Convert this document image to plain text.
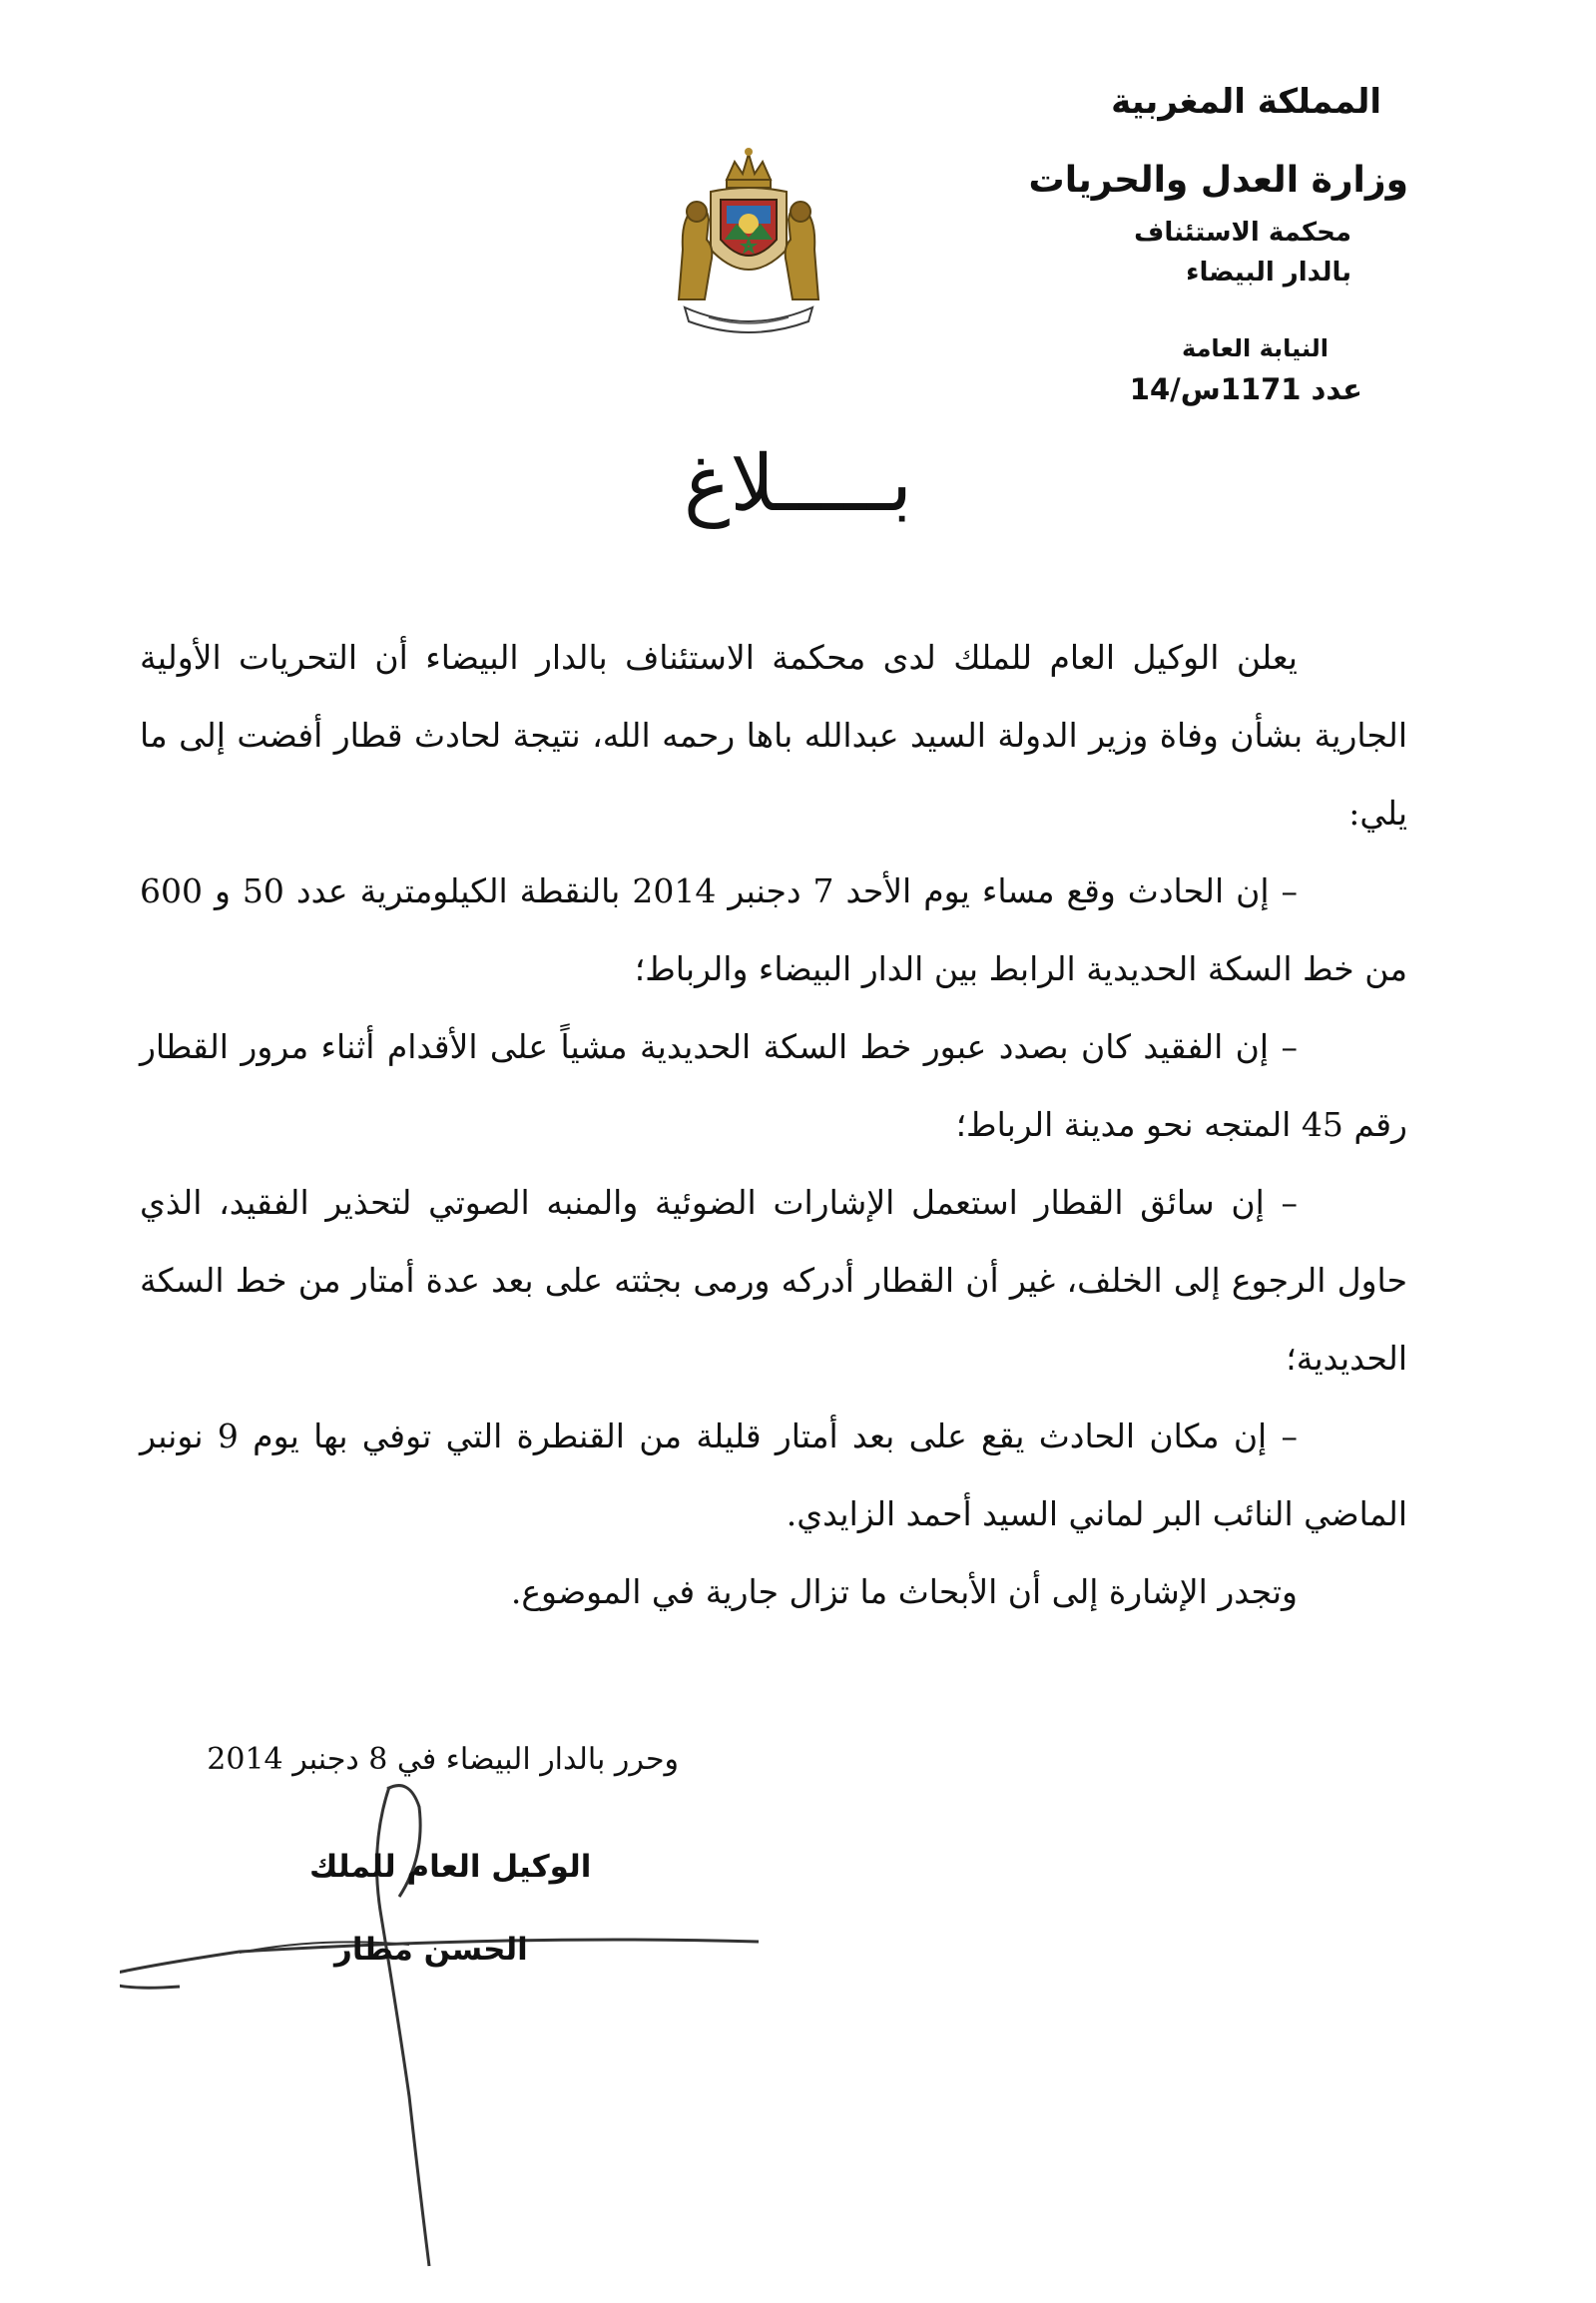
المملكة المغربية
وزارة العدل والحريات
محكمة الاستئناف
بالدار البيضاء
النيابة العامة
عدد 1171س/14
بـــــلاغ

يعلن الوكيل العام للملك لدى محكمة الاستئناف بالدار البيضاء أن التحريات الأولية الجارية بشأن وفاة وزير الدولة السيد عبدالله باها رحمه الله، نتيجة لحادث قطار أفضت إلى ما يلي:

– إن الحادث وقع مساء يوم الأحد 7 دجنبر 2014 بالنقطة الكيلومترية عدد 50 و 600 من خط السكة الحديدية الرابط بين الدار البيضاء والرباط؛

– إن الفقيد كان بصدد عبور خط السكة الحديدية مشياً على الأقدام أثناء مرور القطار رقم 45 المتجه نحو مدينة الرباط؛

– إن سائق القطار استعمل الإشارات الضوئية والمنبه الصوتي لتحذير الفقيد، الذي حاول الرجوع إلى الخلف، غير أن القطار أدركه ورمى بجثته على بعد عدة أمتار من خط السكة الحديدية؛

– إن مكان الحادث يقع على بعد أمتار قليلة من القنطرة التي توفي بها يوم 9 نونبر الماضي النائب البر لماني السيد أحمد الزايدي.

وتجدر الإشارة إلى أن الأبحاث ما تزال جارية في الموضوع.

وحرر بالدار البيضاء في 8 دجنبر 2014
الوكيل العام للملك
الحسن مطار
